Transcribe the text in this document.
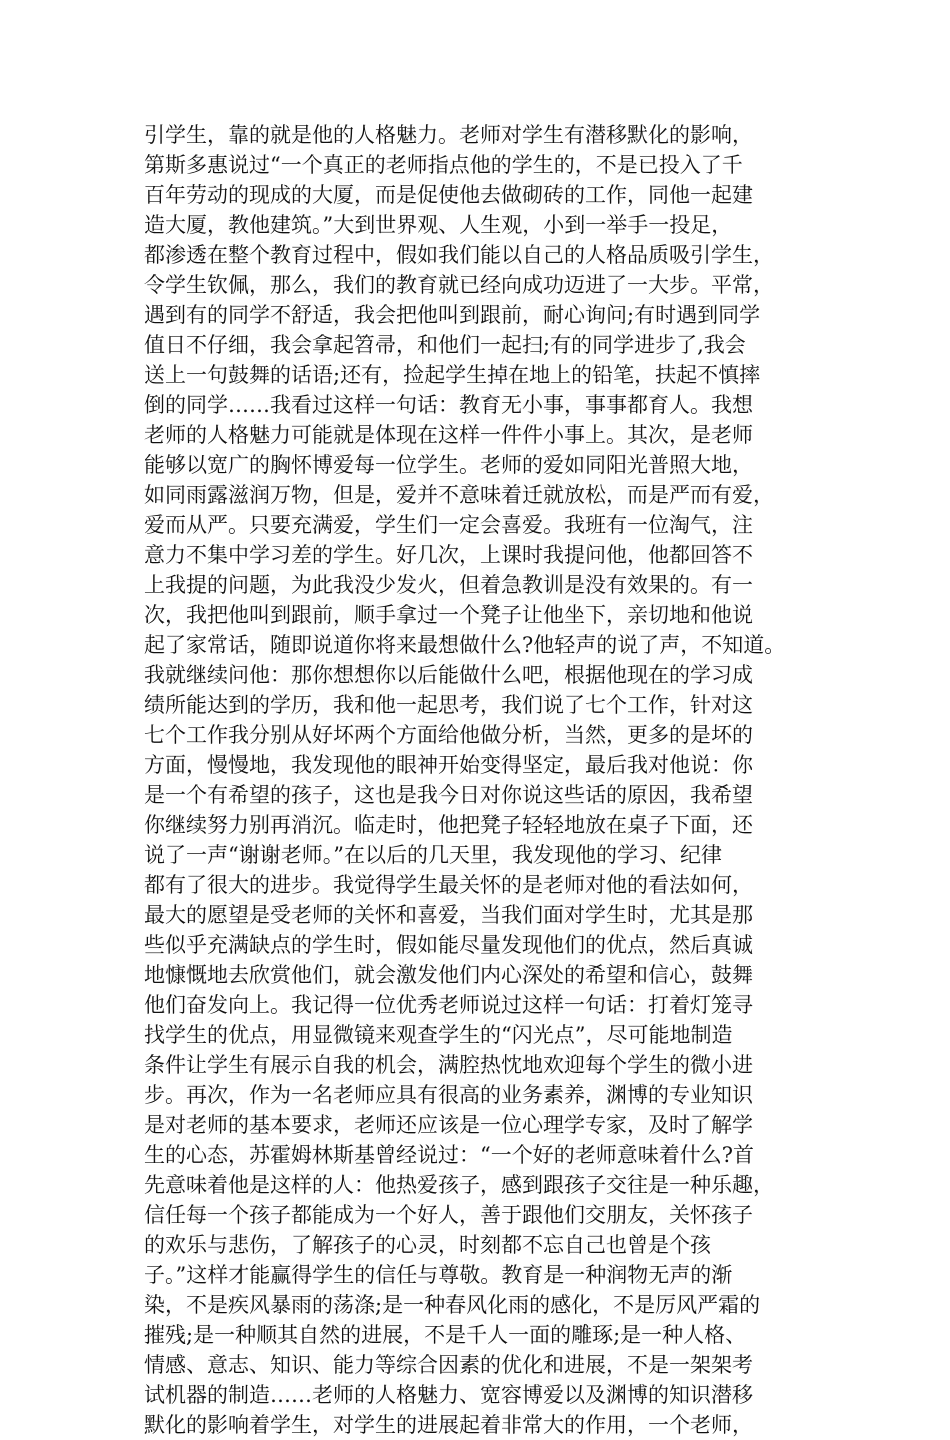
引学生，靠的就是他的人格魅力。老师对学生有潜移默化的影响，
第斯多惠说过“一个真正的老师指点他的学生的，不是已投入了千
百年劳动的现成的大厦，而是促使他去做砌砖的工作，同他一起建
造大厦，教他建筑。”大到世界观、人生观，小到一举手一投足，
都渗透在整个教育过程中，假如我们能以自己的人格品质吸引学生，
令学生钦佩，那么，我们的教育就已经向成功迈进了一大步。平常，
遇到有的同学不舒适，我会把他叫到跟前，耐心询问;有时遇到同学
值日不仔细，我会拿起笤帚，和他们一起扫;有的同学进步了,我会
送上一句鼓舞的话语;还有，捡起学生掉在地上的铅笔，扶起不慎摔
倒的同学……我看过这样一句话：教育无小事，事事都育人。我想
老师的人格魅力可能就是体现在这样一件件小事上。其次，是老师
能够以宽广的胸怀博爱每一位学生。老师的爱如同阳光普照大地，
如同雨露滋润万物，但是，爱并不意味着迁就放松，而是严而有爱，
爱而从严。只要充满爱，学生们一定会喜爱。我班有一位淘气，注
意力不集中学习差的学生。好几次，上课时我提问他，他都回答不
上我提的问题，为此我没少发火，但着急教训是没有效果的。有一
次，我把他叫到跟前，顺手拿过一个凳子让他坐下，亲切地和他说
起了家常话，随即说道你将来最想做什么?他轻声的说了声，不知道。
我就继续问他：那你想想你以后能做什么吧，根据他现在的学习成
绩所能达到的学历，我和他一起思考，我们说了七个工作，针对这
七个工作我分别从好坏两个方面给他做分析，当然，更多的是坏的
方面，慢慢地，我发现他的眼神开始变得坚定，最后我对他说：你
是一个有希望的孩子，这也是我今日对你说这些话的原因，我希望
你继续努力别再消沉。临走时，他把凳子轻轻地放在桌子下面，还
说了一声“谢谢老师。”在以后的几天里，我发现他的学习、纪律
都有了很大的进步。我觉得学生最关怀的是老师对他的看法如何，
最大的愿望是受老师的关怀和喜爱，当我们面对学生时，尤其是那
些似乎充满缺点的学生时，假如能尽量发现他们的优点，然后真诚
地慷慨地去欣赏他们，就会激发他们内心深处的希望和信心，鼓舞
他们奋发向上。我记得一位优秀老师说过这样一句话：打着灯笼寻
找学生的优点，用显微镜来观查学生的“闪光点”，尽可能地制造
条件让学生有展示自我的机会，满腔热忱地欢迎每个学生的微小进
步。再次，作为一名老师应具有很高的业务素养，渊博的专业知识
是对老师的基本要求，老师还应该是一位心理学专家，及时了解学
生的心态，苏霍姆林斯基曾经说过：“一个好的老师意味着什么?首
先意味着他是这样的人：他热爱孩子，感到跟孩子交往是一种乐趣，
信任每一个孩子都能成为一个好人，善于跟他们交朋友，关怀孩子
的欢乐与悲伤，了解孩子的心灵，时刻都不忘自己也曾是个孩
子。”这样才能赢得学生的信任与尊敬。教育是一种润物无声的渐
染，不是疾风暴雨的荡涤;是一种春风化雨的感化，不是厉风严霜的
摧残;是一种顺其自然的进展，不是千人一面的雕琢;是一种人格、
情感、意志、知识、能力等综合因素的优化和进展，不是一架架考
试机器的制造……老师的人格魅力、宽容博爱以及渊博的知识潜移
默化的影响着学生，对学生的进展起着非常大的作用，一个老师，
